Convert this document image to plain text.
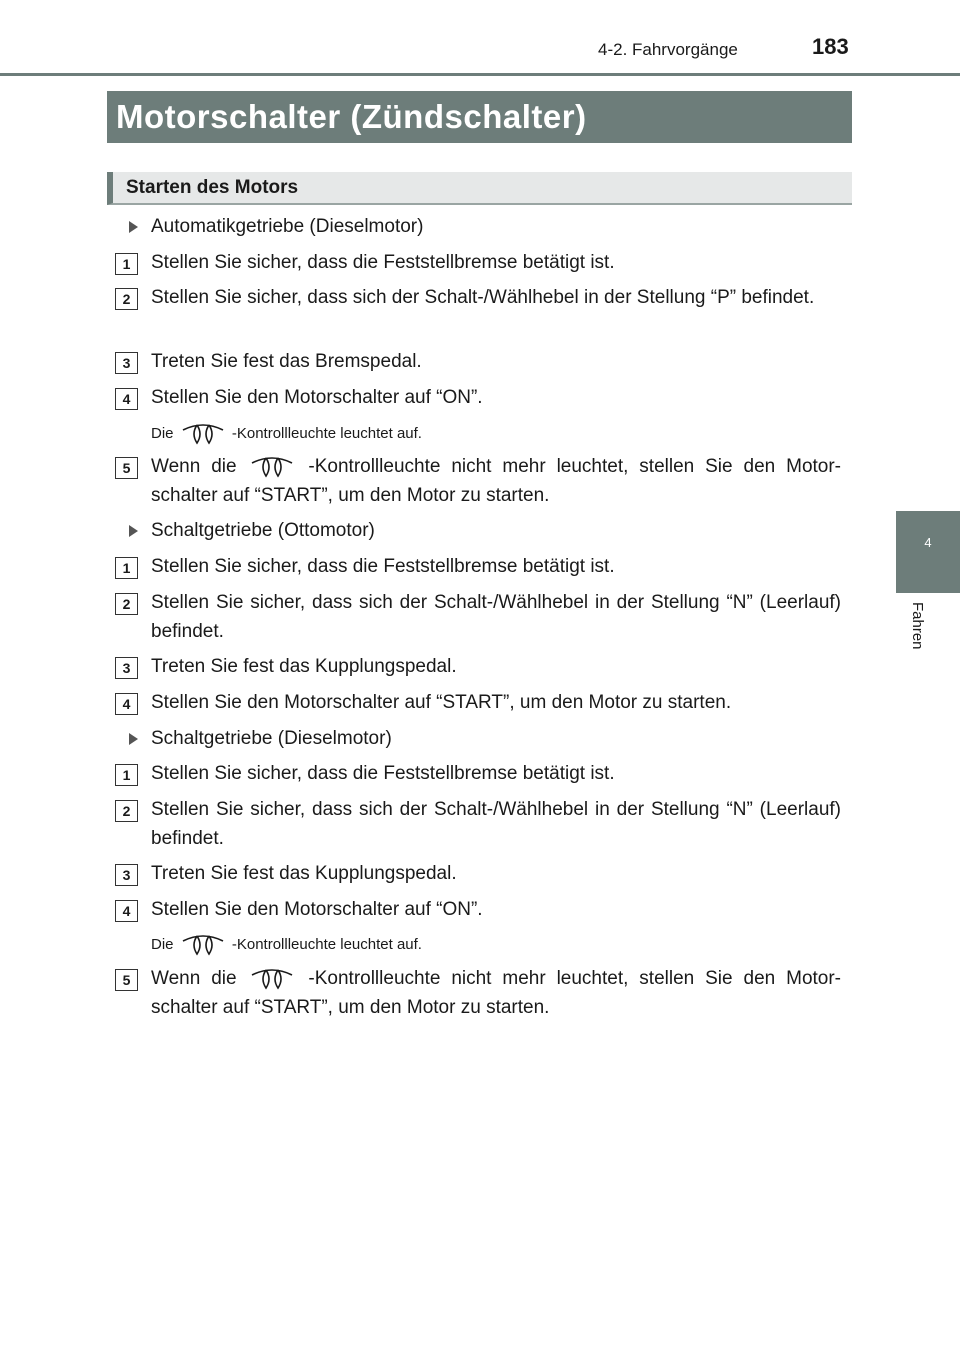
4-2. Fahrvorgänge	183
Motorschalter (Zündschalter)
Starten des Motors
4
Fahren
Automatikgetriebe (Dieselmotor)
1	Stellen Sie sicher, dass die Feststellbremse betätigt ist.
2	Stellen Sie sicher, dass sich der Schalt-/Wählhebel in der Stellung “P” befindet.
3	Treten Sie fest das Bremspedal.
4	Stellen Sie den Motorschalter auf “ON”.
Die	-Kontrollleuchte leuchtet auf.
5	Wenn die	-Kontrollleuchte nicht mehr leuchtet, stellen Sie den Motor- schalter auf “START”, um den Motor zu starten.
Schaltgetriebe (Ottomotor)
1	Stellen Sie sicher, dass die Feststellbremse betätigt ist.
2	Stellen Sie sicher, dass sich der Schalt-/Wählhebel in der Stellung “N” (Leerlauf) befindet.
3	Treten Sie fest das Kupplungspedal.
4	Stellen Sie den Motorschalter auf “START”, um den Motor zu starten.
Schaltgetriebe (Dieselmotor)
1	Stellen Sie sicher, dass die Feststellbremse betätigt ist.
2	Stellen Sie sicher, dass sich der Schalt-/Wählhebel in der Stellung “N” (Leerlauf) befindet.
3	Treten Sie fest das Kupplungspedal.
4	Stellen Sie den Motorschalter auf “ON”.
Die	-Kontrollleuchte leuchtet auf.
5	Wenn die	-Kontrollleuchte nicht mehr leuchtet, stellen Sie den Motor- schalter auf “START”, um den Motor zu starten.
